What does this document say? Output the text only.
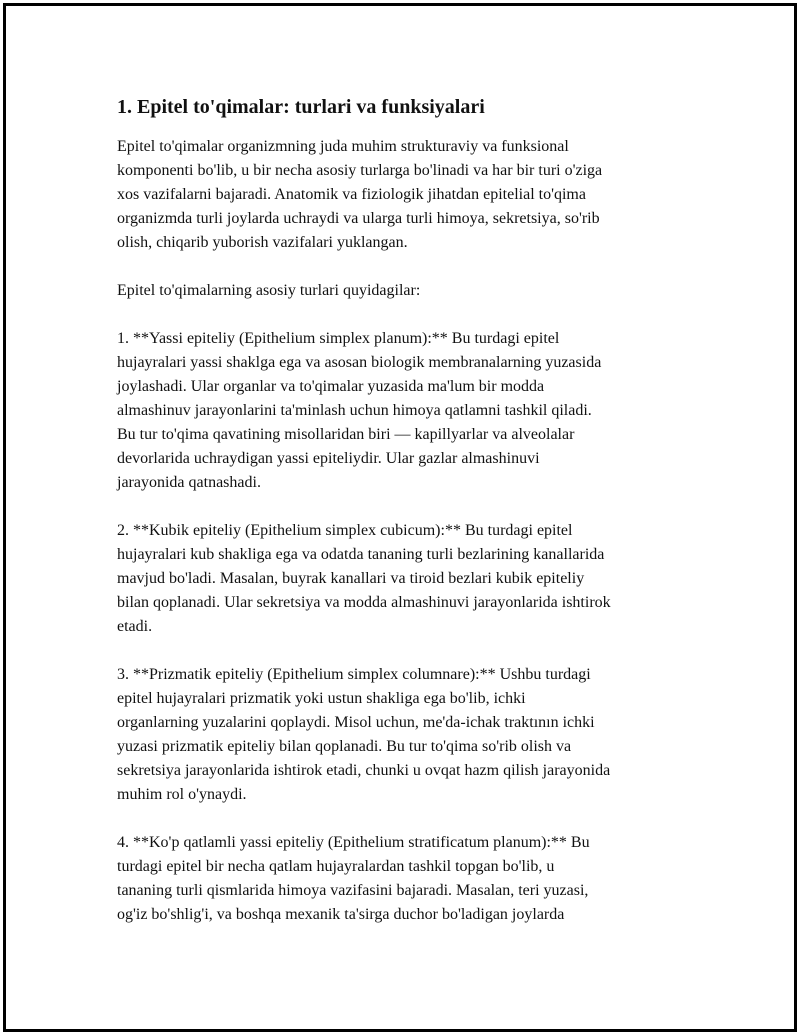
1. Epitel to'qimalar: turlari va funksiyalari

Epitel to'qimalar organizmning juda muhim strukturaviy va funksional
komponenti bo'lib, u bir necha asosiy turlarga bo'linadi va har bir turi o'ziga
xos vazifalarni bajaradi. Anatomik va fiziologik jihatdan epitelial to'qima
organizmda turli joylarda uchraydi va ularga turli himoya, sekretsiya, so'rib
olish, chiqarib yuborish vazifalari yuklangan.

Epitel to'qimalarning asosiy turlari quyidagilar:

1. **Yassi epiteliy (Epithelium simplex planum):** Bu turdagi epitel
hujayralari yassi shaklga ega va asosan biologik membranalarning yuzasida
joylashadi. Ular organlar va to'qimalar yuzasida ma'lum bir modda
almashinuv jarayonlarini ta'minlash uchun himoya qatlamni tashkil qiladi.
Bu tur to'qima qavatining misollaridan biri — kapillyarlar va alveolalar
devorlarida uchraydigan yassi epiteliydir. Ular gazlar almashinuvi
jarayonida qatnashadi.

2. **Kubik epiteliy (Epithelium simplex cubicum):** Bu turdagi epitel
hujayralari kub shakliga ega va odatda tananing turli bezlarining kanallarida
mavjud bo'ladi. Masalan, buyrak kanallari va tiroid bezlari kubik epiteliy
bilan qoplanadi. Ular sekretsiya va modda almashinuvi jarayonlarida ishtirok
etadi.

3. **Prizmatik epiteliy (Epithelium simplex columnare):** Ushbu turdagi
epitel hujayralari prizmatik yoki ustun shakliga ega bo'lib, ichki
organlarning yuzalarini qoplaydi. Misol uchun, me'da-ichak traktının ichki
yuzasi prizmatik epiteliy bilan qoplanadi. Bu tur to'qima so'rib olish va
sekretsiya jarayonlarida ishtirok etadi, chunki u ovqat hazm qilish jarayonida
muhim rol o'ynaydi.

4. **Ko'p qatlamli yassi epiteliy (Epithelium stratificatum planum):** Bu
turdagi epitel bir necha qatlam hujayralardan tashkil topgan bo'lib, u
tananing turli qismlarida himoya vazifasini bajaradi. Masalan, teri yuzasi,
og'iz bo'shlig'i, va boshqa mexanik ta'sirga duchor bo'ladigan joylarda
